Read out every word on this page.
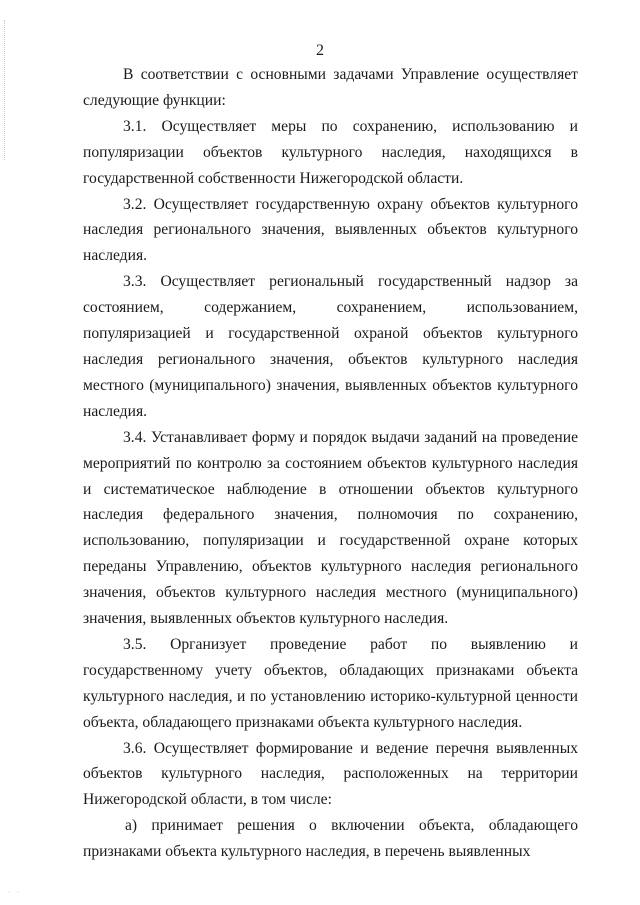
2

В соответствии с основными задачами Управление осуществляет следующие функции:

3.1. Осуществляет меры по сохранению, использованию и популяризации объектов культурного наследия, находящихся в государственной собственности Нижегородской области.

3.2. Осуществляет государственную охрану объектов культурного наследия регионального значения, выявленных объектов культурного наследия.

3.3. Осуществляет региональный государственный надзор за состоянием, содержанием, сохранением, использованием, популяризацией и государственной охраной объектов культурного наследия регионального значения, объектов культурного наследия местного (муниципального) значения, выявленных объектов культурного наследия.

3.4. Устанавливает форму и порядок выдачи заданий на проведение мероприятий по контролю за состоянием объектов культурного наследия и систематическое наблюдение в отношении объектов культурного наследия федерального значения, полномочия по сохранению, использованию, популяризации и государственной охране которых переданы Управлению, объектов культурного наследия регионального значения, объектов культурного наследия местного (муниципального) значения, выявленных объектов культурного наследия.

3.5. Организует проведение работ по выявлению и государственному учету объектов, обладающих признаками объекта культурного наследия, и по установлению историко-культурной ценности объекта, обладающего признаками объекта культурного наследия.

3.6. Осуществляет формирование и ведение перечня выявленных объектов культурного наследия, расположенных на территории Нижегородской области, в том числе:

а) принимает решения о включении объекта, обладающего признаками объекта культурного наследия, в перечень выявленных

· ·
